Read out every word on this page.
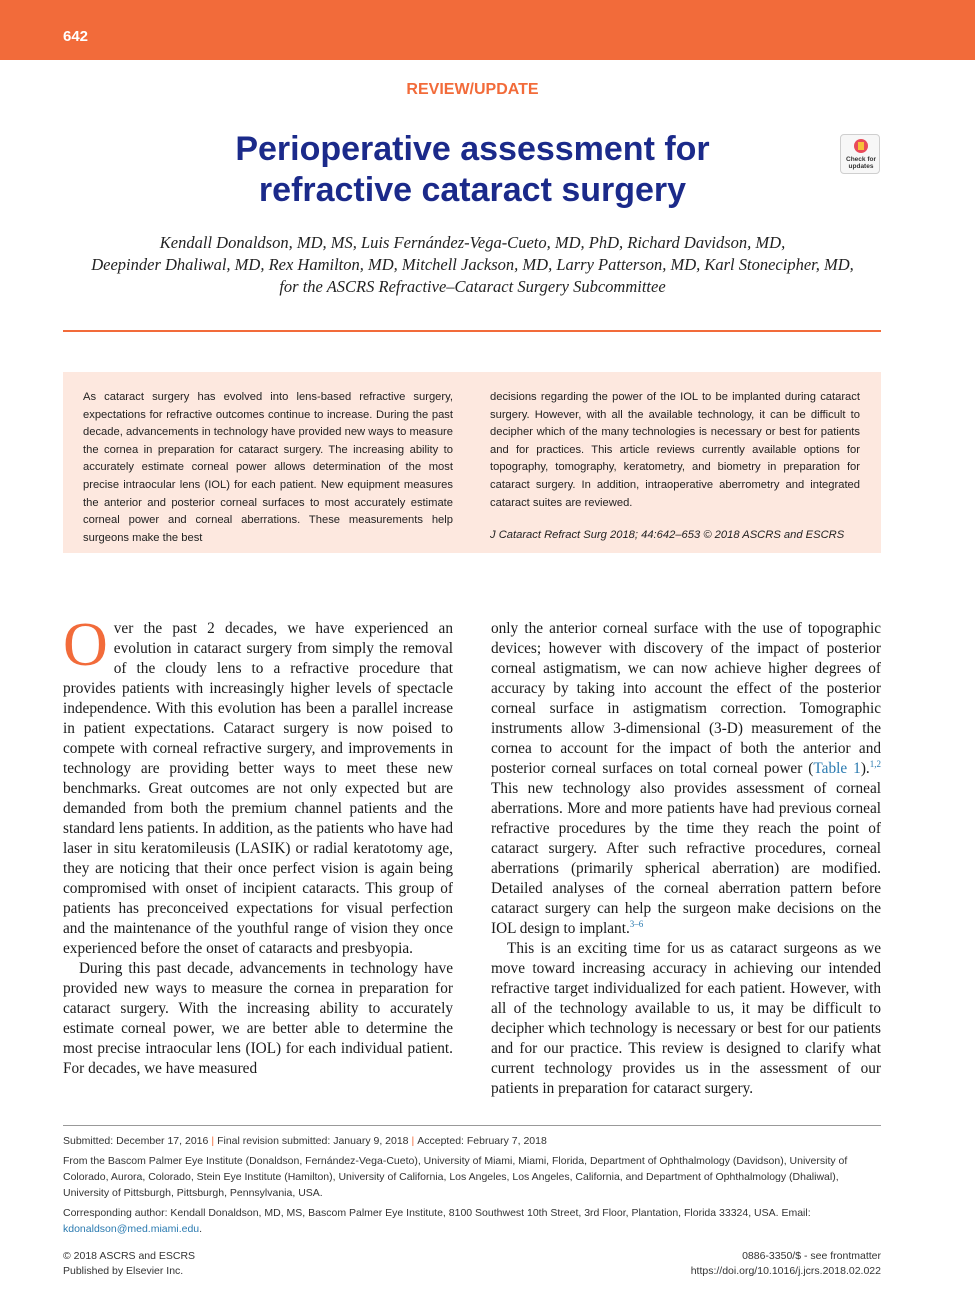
642
REVIEW/UPDATE
Perioperative assessment for
refractive cataract surgery
Check for updates
Kendall Donaldson, MD, MS, Luis Fernández-Vega-Cueto, MD, PhD, Richard Davidson, MD,
Deepinder Dhaliwal, MD, Rex Hamilton, MD, Mitchell Jackson, MD, Larry Patterson, MD, Karl Stonecipher, MD,
for the ASCRS Refractive–Cataract Surgery Subcommittee
As cataract surgery has evolved into lens-based refractive surgery, expectations for refractive outcomes continue to increase. During the past decade, advancements in technology have provided new ways to measure the cornea in preparation for cataract surgery. The increasing ability to accurately estimate corneal power allows determination of the most precise intraocular lens (IOL) for each patient. New equipment measures the anterior and posterior corneal surfaces to most accurately estimate corneal power and corneal aberrations. These measurements help surgeons make the best
decisions regarding the power of the IOL to be implanted during cataract surgery. However, with all the available technology, it can be difficult to decipher which of the many technologies is necessary or best for patients and for practices. This article reviews currently available options for topography, tomography, keratometry, and biometry in preparation for cataract surgery. In addition, intraoperative aberrometry and integrated cataract suites are reviewed.
J Cataract Refract Surg 2018; 44:642–653 © 2018 ASCRS and ESCRS

Over the past 2 decades, we have experienced an evolution in cataract surgery from simply the removal of the cloudy lens to a refractive procedure that provides patients with increasingly higher levels of spectacle independence. With this evolution has been a parallel increase in patient expectations. Cataract surgery is now poised to compete with corneal refractive surgery, and improvements in technology are providing better ways to meet these new benchmarks. Great outcomes are not only expected but are demanded from both the premium channel patients and the standard lens patients. In addition, as the patients who have had laser in situ keratomileusis (LASIK) or radial keratotomy age, they are noticing that their once perfect vision is again being compromised with onset of incipient cataracts. This group of patients has preconceived expectations for visual perfection and the maintenance of the youthful range of vision they once experienced before the onset of cataracts and presbyopia.

During this past decade, advancements in technology have provided new ways to measure the cornea in preparation for cataract surgery. With the increasing ability to accurately estimate corneal power, we are better able to determine the most precise intraocular lens (IOL) for each individual patient. For decades, we have measured

only the anterior corneal surface with the use of topographic devices; however with discovery of the impact of posterior corneal astigmatism, we can now achieve higher degrees of accuracy by taking into account the effect of the posterior corneal surface in astigmatism correction. Tomographic instruments allow 3-dimensional (3-D) measurement of the cornea to account for the impact of both the anterior and posterior corneal surfaces on total corneal power (Table 1).$^{1,2}$ This new technology also provides assessment of corneal aberrations. More and more patients have had previous corneal refractive procedures by the time they reach the point of cataract surgery. After such refractive procedures, corneal aberrations (primarily spherical aberration) are modified. Detailed analyses of the corneal aberration pattern before cataract surgery can help the surgeon make decisions on the IOL design to implant.$^{3-6}$

This is an exciting time for us as cataract surgeons as we move toward increasing accuracy in achieving our intended refractive target individualized for each patient. However, with all of the technology available to us, it may be difficult to decipher which technology is necessary or best for our patients and for our practice. This review is designed to clarify what current technology provides us in the assessment of our patients in preparation for cataract surgery.

Submitted: December 17, 2016 | Final revision submitted: January 9, 2018 | Accepted: February 7, 2018
From the Bascom Palmer Eye Institute (Donaldson, Fernández-Vega-Cueto), University of Miami, Miami, Florida, Department of Ophthalmology (Davidson), University of Colorado, Aurora, Colorado, Stein Eye Institute (Hamilton), University of California, Los Angeles, Los Angeles, California, and Department of Ophthalmology (Dhaliwal), University of Pittsburgh, Pittsburgh, Pennsylvania, USA.
Corresponding author: Kendall Donaldson, MD, MS, Bascom Palmer Eye Institute, 8100 Southwest 10th Street, 3rd Floor, Plantation, Florida 33324, USA. Email: kdonaldson@med.miami.edu.
© 2018 ASCRS and ESCRS
Published by Elsevier Inc.
0886-3350/$ - see frontmatter
https://doi.org/10.1016/j.jcrs.2018.02.022
